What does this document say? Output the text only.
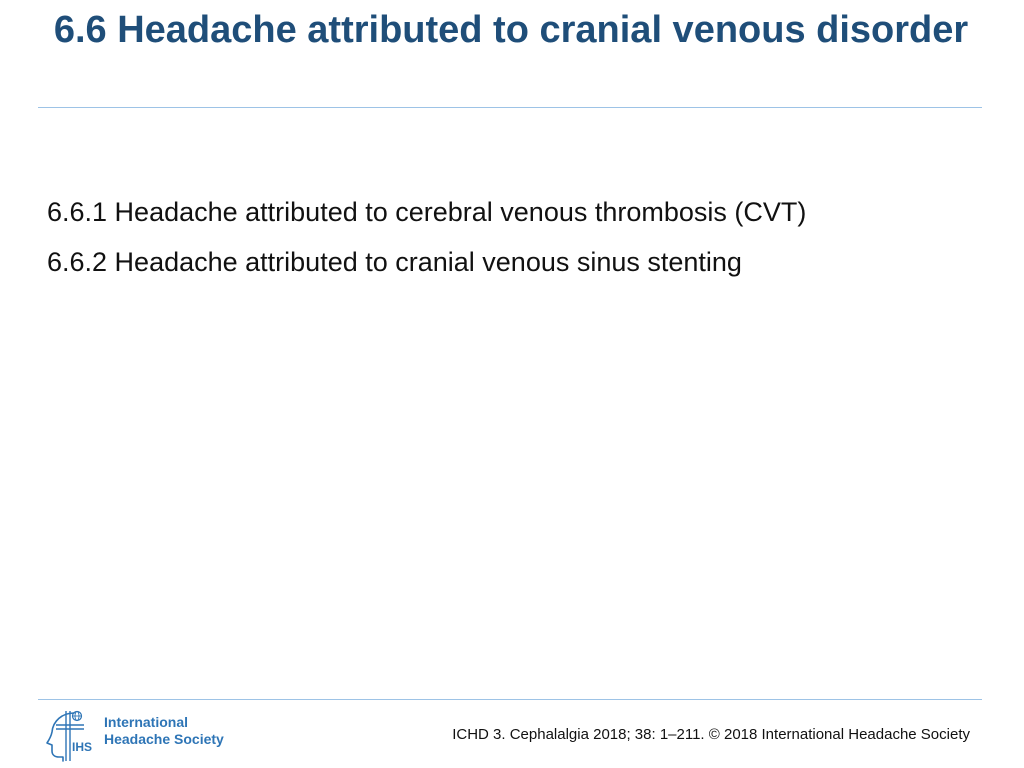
6.6 Headache attributed to cranial venous disorder
6.6.1 Headache attributed to cerebral venous thrombosis (CVT)
6.6.2 Headache attributed to cranial venous sinus stenting
IHS
International
Headache Society	ICHD 3. Cephalalgia 2018; 38: 1–211. © 2018 International Headache Society
